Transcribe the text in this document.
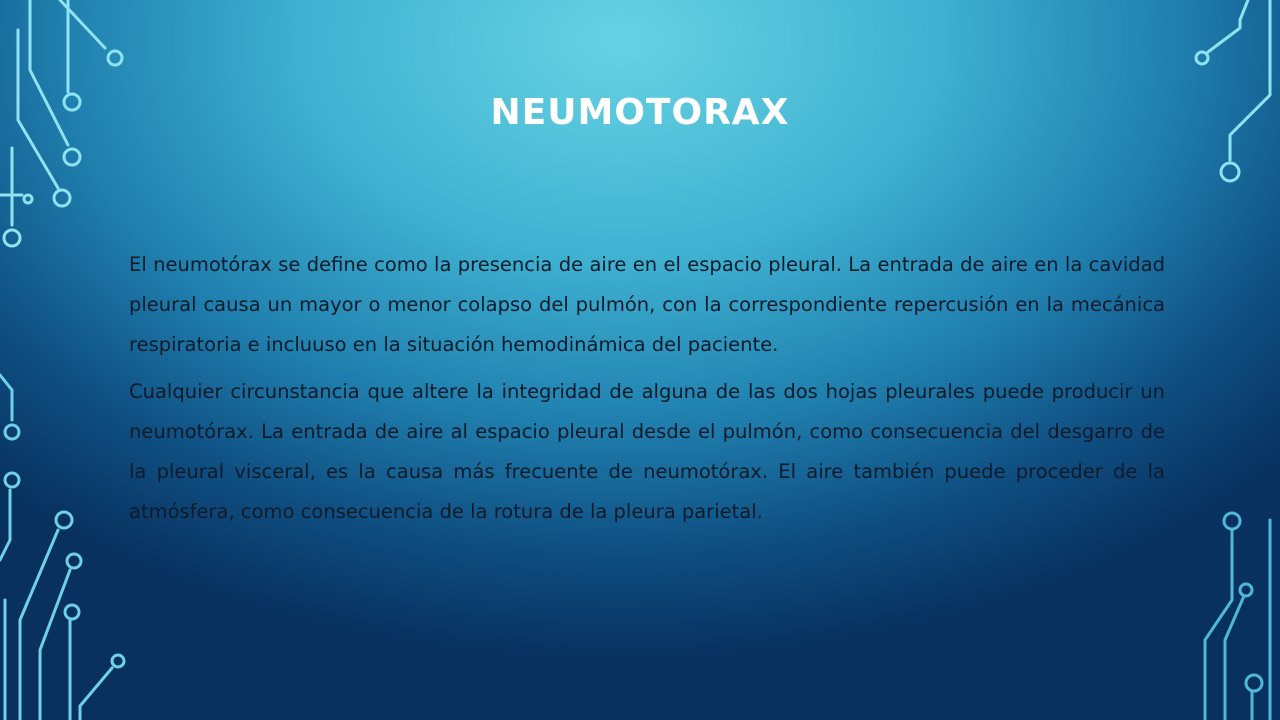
NEUMOTORAX

El neumotórax se define como la presencia de aire en el espacio pleural. La entrada de aire en la cavidad pleural causa un mayor o menor colapso del pulmón, con la correspondiente repercusión en la mecánica respiratoria e incluuso en la situación hemodinámica del paciente.

Cualquier circunstancia que altere la integridad de alguna de las dos hojas pleurales puede producir un neumotórax. La entrada de aire al espacio pleural desde el pulmón, como consecuencia del desgarro de la pleural visceral, es la causa más frecuente de neumotórax. El aire también puede proceder de la atmósfera, como consecuencia de la rotura de la pleura parietal.
